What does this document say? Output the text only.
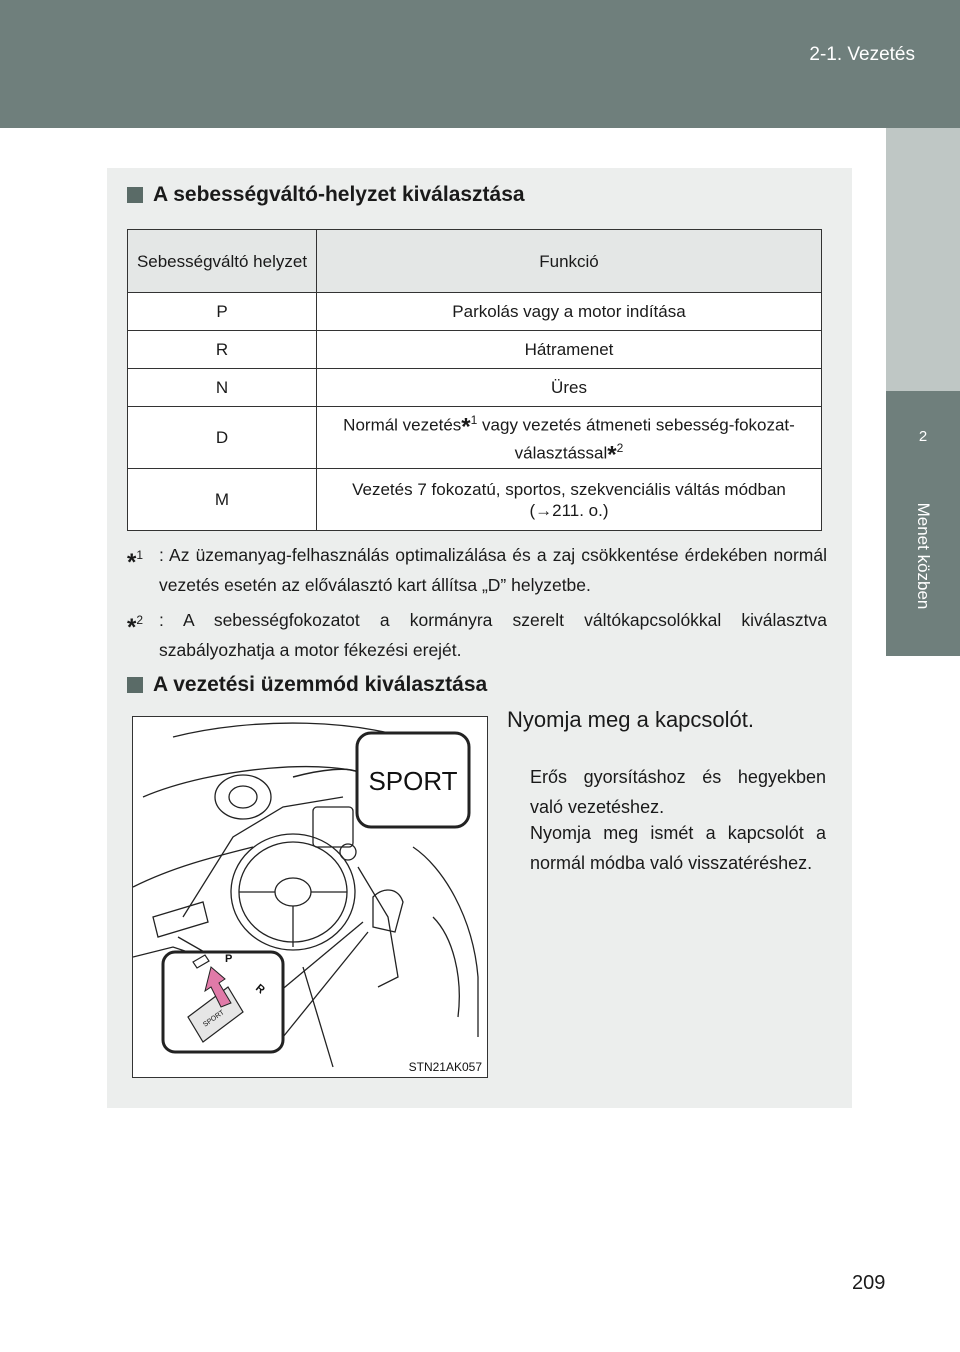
2-1. Vezetés
2
Menet közben
A sebességváltó-helyzet kiválasztása
Sebességváltó helyzet	Funkció
P	Parkolás vagy a motor indítása
R	Hátramenet
N	Üres
D	Normál vezetés*$^1$ vagy vezetés átmeneti sebesség-fokozat-választással*$^2$
M	Vezetés 7 fokozatú, sportos, szekvenciális váltás módban (→211. o.)
*$^1$ : Az üzemanyag-felhasználás optimalizálása és a zaj csökkentése érdekében normál vezetés esetén az előválasztó kart állítsa „D” helyzetbe.
*$^2$ : A sebességfokozatot a kormányra szerelt váltókapcsolókkal kiválasztva szabályozhatja a motor fékezési erejét.
A vezetési üzemmód kiválasztása
P
R
SPORT
SPORT
STN21AK057
Nyomja meg a kapcsolót.
Erős gyorsításhoz és hegyekben való vezetéshez.
Nyomja meg ismét a kapcsolót a normál módba való visszatéréshez.
209
